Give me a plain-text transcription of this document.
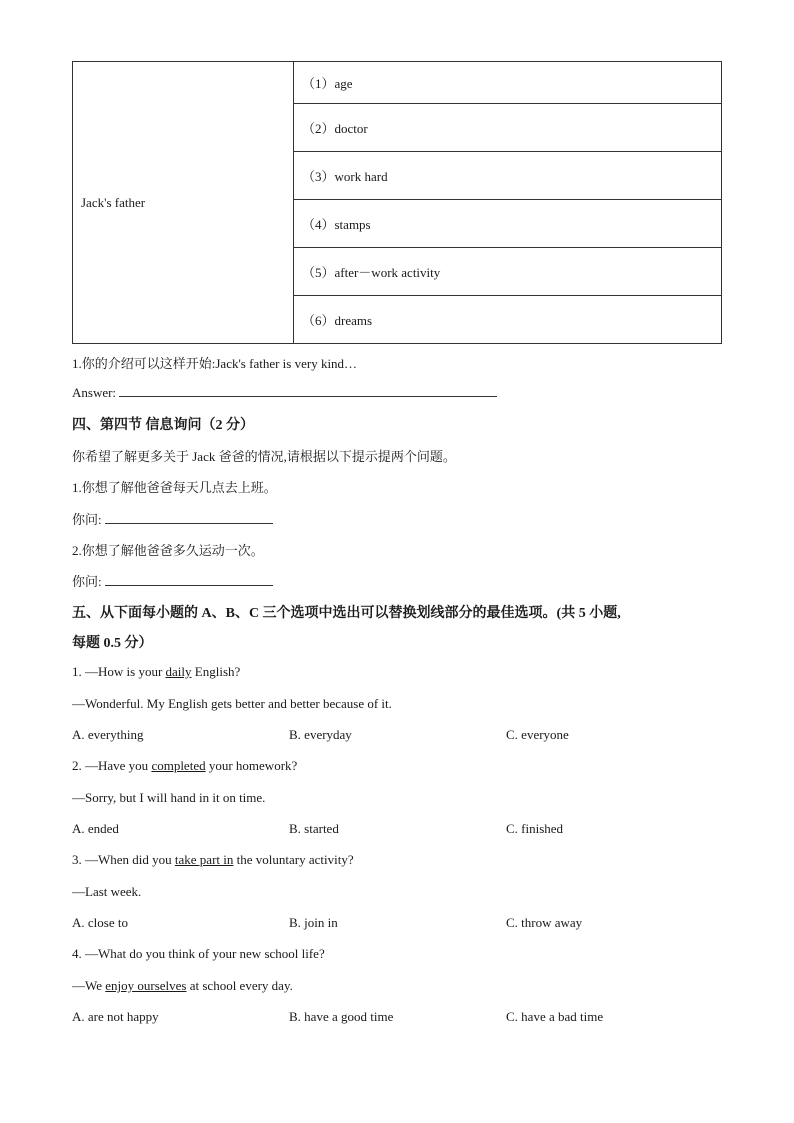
Jack's father	（1）age
（2）doctor
（3）work hard
（4）stamps
（5）after－work activity
（6）dreams
1.你的介绍可以这样开始:Jack's father is very kind…
Answer:
四、第四节 信息询问（2 分）
你希望了解更多关于 Jack 爸爸的情况,请根据以下提示提两个问题。
1.你想了解他爸爸每天几点去上班。
你问:
2.你想了解他爸爸多久运动一次。
你问:
五、从下面每小题的 A、B、C 三个选项中选出可以替换划线部分的最佳选项。(共 5 小题,
每题 0.5 分）
1. —How is your daily English?
—Wonderful. My English gets better and better because of it.
A. everything	B. everyday	C. everyone
2. —Have you completed your homework?
—Sorry, but I will hand in it on time.
A. ended	B. started	C. finished
3. —When did you take part in the voluntary activity?
—Last week.
A. close to	B. join in	C. throw away
4. —What do you think of your new school life?
—We enjoy ourselves at school every day.
A. are not happy	B. have a good time	C. have a bad time
